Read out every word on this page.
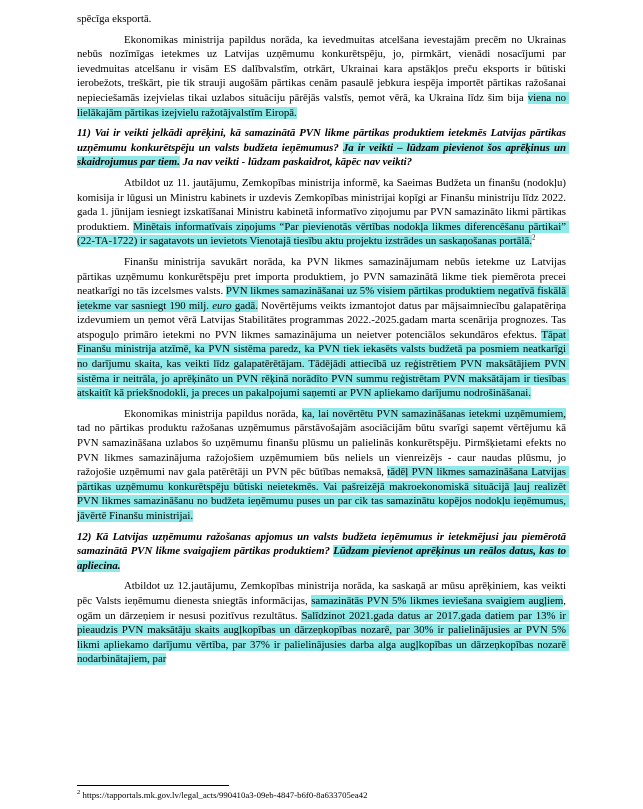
spēcīga eksportā.

Ekonomikas ministrija papildus norāda, ka ievedmuitas atcelšana ievestajām precēm no Ukrainas nebūs nozīmīgas ietekmes uz Latvijas uzņēmumu konkurētspēju, jo, pirmkārt, vienādi nosacījumi par ievedmuitas atcelšanu ir visām ES dalībvalstīm, otrkārt, Ukrainai kara apstākļos preču eksports ir būtiski ierobežots, treškārt, pie tik strauji augošām pārtikas cenām pasaulē jebkura iespēja importēt pārtikas ražošanai nepieciešamās izejvielas tikai uzlabos situāciju pārējās valstīs, ņemot vērā, ka Ukraina līdz šim bija viena no lielākajām pārtikas izejvielu ražotājvalstīm Eiropā.

11) Vai ir veikti jelkādi aprēķini, kā samazinātā PVN likme pārtikas produktiem ietekmēs Latvijas pārtikas uzņēmumu konkurētspēju un valsts budžeta ieņēmumus? Ja ir veikti – lūdzam pievienot šos aprēķinus un skaidrojumus par tiem. Ja nav veikti - lūdzam paskaidrot, kāpēc nav veikti?

Atbildot uz 11. jautājumu, Zemkopības ministrija informē, ka Saeimas Budžeta un finanšu (nodokļu) komisija ir lūgusi un Ministru kabinets ir uzdevis Zemkopības ministrijai kopīgi ar Finanšu ministriju līdz 2022. gada 1. jūnijam iesniegt izskatīšanai Ministru kabinetā informatīvo ziņojumu par PVN samazināto likmi pārtikas produktiem. Minētais informatīvais ziņojums “Par pievienotās vērtības nodokļa likmes diferencēšanu pārtikai” (22-TA-1722) ir sagatavots un ievietots Vienotajā tiesību aktu projektu izstrādes un saskaņošanas portālā.$^2$

Finanšu ministrija savukārt norāda, ka PVN likmes samazinājumam nebūs ietekme uz Latvijas pārtikas uzņēmumu konkurētspēju pret importa produktiem, jo PVN samazinātā likme tiek piemērota precei neatkarīgi no tās izcelsmes valsts. PVN likmes samazināšanai uz 5% visiem pārtikas produktiem negatīvā fiskālā ietekme var sasniegt 190 milj. euro gadā. Novērtējums veikts izmantojot datus par mājsaimniecību galapatēriņa izdevumiem un ņemot vērā Latvijas Stabilitātes programmas 2022.-2025.gadam marta scenārija prognozes. Tas atspoguļo primāro ietekmi no PVN likmes samazinājuma un neietver potenciālos sekundāros efektus. Tāpat Finanšu ministrija atzīmē, ka PVN sistēma paredz, ka PVN tiek iekasēts valsts budžetā pa posmiem neatkarīgi no darījumu skaita, kas veikti līdz galapatērētājam. Tādējādi attiecībā uz reģistrētiem PVN maksātājiem PVN sistēma ir neitrāla, jo aprēķināto un PVN rēķinā norādīto PVN summu reģistrētam PVN maksātājam ir tiesības atskaitīt kā priekšnodokli, ja preces un pakalpojumi saņemti ar PVN apliekamo darījumu nodrošināšanai.

Ekonomikas ministrija papildus norāda, ka, lai novērtētu PVN samazināšanas ietekmi uzņēmumiem, tad no pārtikas produktu ražošanas uzņēmumus pārstāvošajām asociācijām būtu svarīgi saņemt vērtējumu kā PVN samazināšana uzlabos šo uzņēmumu finanšu plūsmu un palielinās konkurētspēju. Pirmšķietami efekts no PVN likmes samazinājuma ražojošiem uzņēmumiem būs neliels un vienreizējs - caur naudas plūsmu, jo ražojošie uzņēmumi nav gala patērētāji un PVN pēc būtības nemaksā, tādēļ PVN likmes samazināšana Latvijas pārtikas uzņēmumu konkurētspēju būtiski neietekmēs. Vai pašreizējā makroekonomiskā situācijā ļauj realizēt PVN likmes samazināšanu no budžeta ieņēmumu puses un par cik tas samazinātu kopējos nodokļu ieņēmumus, jāvērtē Finanšu ministrijai.

12) Kā Latvijas uzņēmumu ražošanas apjomus un valsts budžeta ieņēmumus ir ietekmējusi jau piemērotā samazinātā PVN likme svaigajiem pārtikas produktiem? Lūdzam pievienot aprēķinus un reālos datus, kas to apliecina.

Atbildot uz 12.jautājumu, Zemkopības ministrija norāda, ka saskaņā ar mūsu aprēķiniem, kas veikti pēc Valsts ieņēmumu dienesta sniegtās informācijas, samazinātās PVN 5% likmes ieviešana svaigiem augļiem, ogām un dārzeņiem ir nesusi pozitīvus rezultātus. Salīdzinot 2021.gada datus ar 2017.gada datiem par 13% ir pieaudzis PVN maksātāju skaits augļkopības un dārzeņkopības nozarē, par 30% ir palielinājusies ar PVN 5% likmi apliekamo darījumu vērtība, par 37% ir palielinājusies darba alga augļkopības un dārzeņkopības nozarē nodarbinātajiem, par

$^2$ https://tapportals.mk.gov.lv/legal_acts/990410a3-09eb-4847-b6f0-8a633705ea42
